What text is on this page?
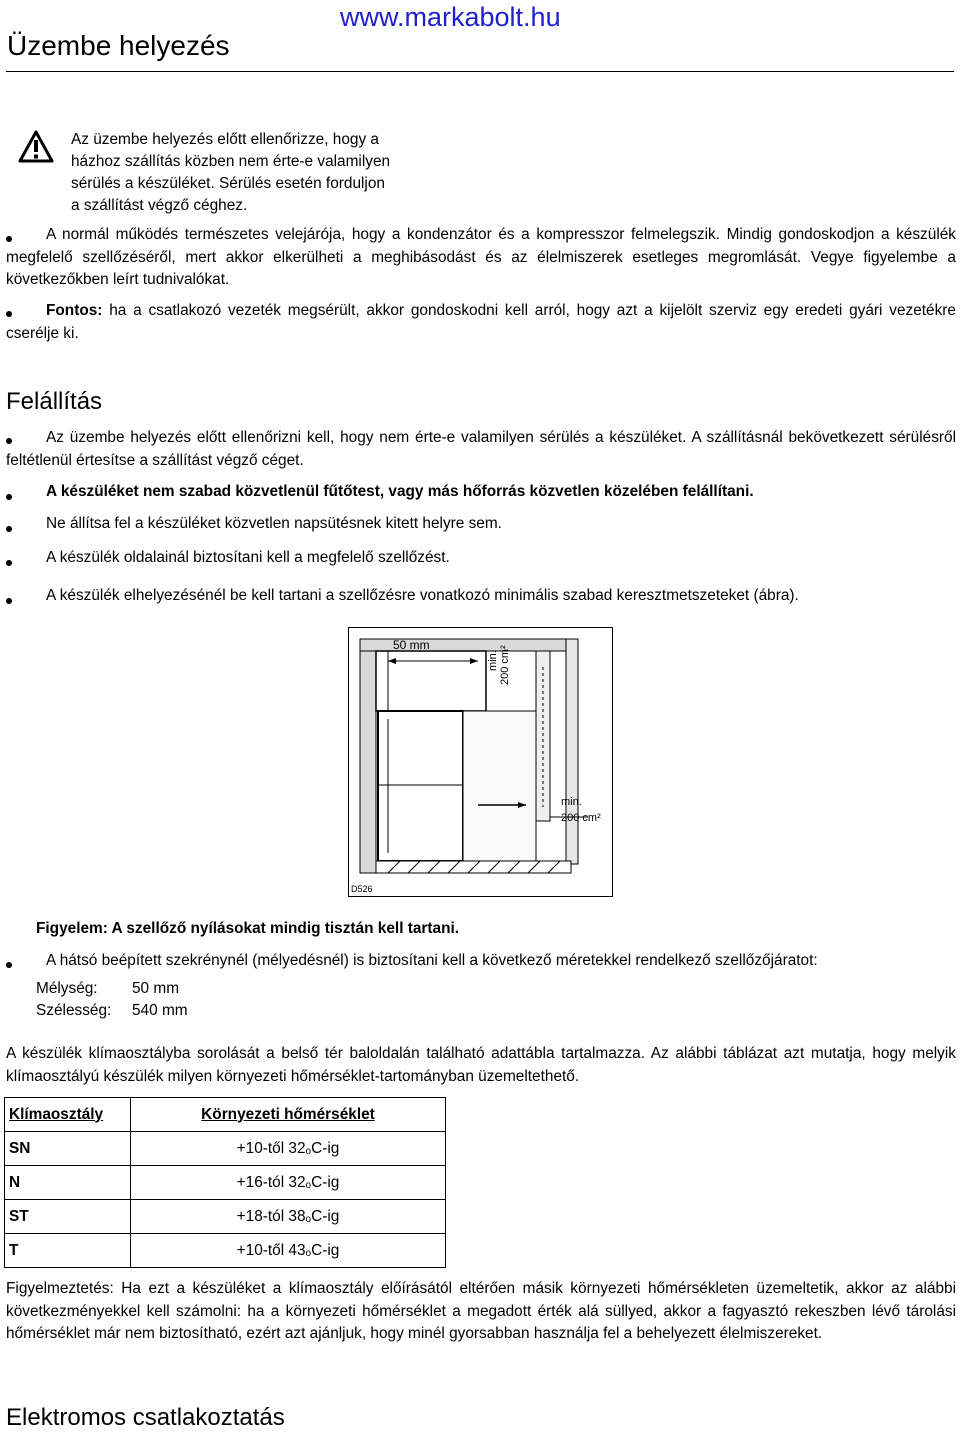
www.markabolt.hu
Üzembe helyezés
Az üzembe helyezés előtt ellenőrizze, hogy a
házhoz szállítás közben nem érte-e valamilyen
sérülés a készüléket. Sérülés esetén forduljon
a szállítást végző céghez.
A normál működés természetes velejárója, hogy a kondenzátor és a kompresszor felmelegszik. Mindig gondoskodjon a készülék megfelelő szellőzéséről, mert akkor elkerülheti a meghibásodást és az élelmiszerek esetleges megromlását. Vegye figyelembe a következőkben leírt tudnivalókat.
Fontos: ha a csatlakozó vezeték megsérült, akkor gondoskodni kell arról, hogy azt a kijelölt szerviz egy eredeti gyári vezetékre cserélje ki.
Felállítás
Az üzembe helyezés előtt ellenőrizni kell, hogy nem érte-e valamilyen sérülés a készüléket. A szállításnál bekövetkezett sérülésről feltétlenül értesítse a szállítást végző céget.
A készüléket nem szabad közvetlenül fűtőtest, vagy más hőforrás közvetlen közelében felállítani.
Ne állítsa fel a készüléket közvetlen napsütésnek kitett helyre sem.
A készülék oldalainál biztosítani kell a megfelelő szellőzést.
A készülék elhelyezésénél be kell tartani a szellőzésre vonatkozó minimális szabad keresztmetszeteket (ábra).
50 mm
min. 200 cm²
min.
200 cm²
D526
Figyelem: A szellőző nyílásokat mindig tisztán kell tartani.
A hátsó beépített szekrénynél (mélyedésnél) is biztosítani kell a következő méretekkel rendelkező szellőzőjáratot:
Mélység: 50 mm
Szélesség: 540 mm
A készülék klímaosztályba sorolását a belső tér baloldalán található adattábla tartalmazza. Az alábbi táblázat azt mutatja, hogy melyik klímaosztályú készülék milyen környezeti hőmérséklet-tartományban üzemeltethető.
Klímaosztály	Környezeti hőmérséklet
SN	+10-től 32$^o$C-ig
N	+16-tól 32$^o$C-ig
ST	+18-tól 38$^o$C-ig
T	+10-től 43$^o$C-ig
Figyelmeztetés: Ha ezt a készüléket a klímaosztály előírásától eltérően másik környezeti hőmérsékleten üzemeltetik, akkor az alábbi következményekkel kell számolni: ha a környezeti hőmérséklet a megadott érték alá süllyed, akkor a fagyasztó rekeszben lévő tárolási hőmérséklet már nem biztosítható, ezért azt ajánljuk, hogy minél gyorsabban használja fel a behelyezett élelmiszereket.
Elektromos csatlakoztatás
